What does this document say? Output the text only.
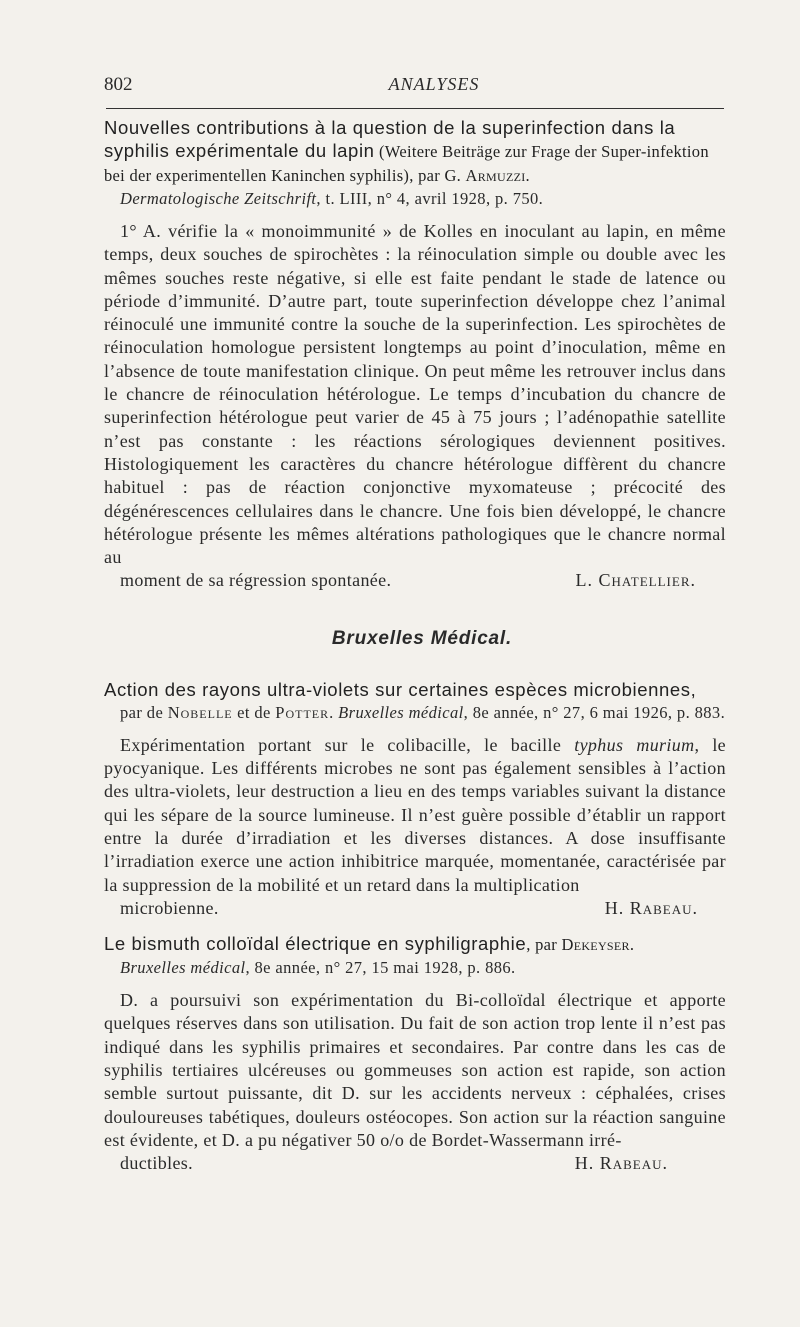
802	ANALYSES
Nouvelles contributions à la question de la superinfection dans la syphilis expérimentale du lapin (Weitere Beiträge zur Frage der Super-infektion bei der experimentellen Kaninchen syphilis), par G. Armuzzi.
Dermatologische Zeitschrift, t. LIII, n° 4, avril 1928, p. 750.

1° A. vérifie la « monoimmunité » de Kolles en inoculant au lapin, en même temps, deux souches de spirochètes : la réinoculation simple ou double avec les mêmes souches reste négative, si elle est faite pendant le stade de latence ou période d’immunité. D’autre part, toute superinfection développe chez l’animal réinoculé une immunité contre la souche de la superinfection. Les spirochètes de réinoculation homologue persistent longtemps au point d’inoculation, même en l’absence de toute manifestation clinique. On peut même les retrouver inclus dans le chancre de réinoculation hétérologue. Le temps d’incubation du chancre de superinfection hétérologue peut varier de 45 à 75 jours ; l’adénopathie satellite n’est pas constante : les réactions sérologiques deviennent positives. Histologiquement les caractères du chancre hétérologue diffèrent du chancre habituel : pas de réaction conjonctive myxomateuse ; précocité des dégénérescences cellulaires dans le chancre. Une fois bien développé, le chancre hétérologue présente les mêmes altérations pathologiques que le chancre normal au

moment de sa régression spontanée.	L. Chatellier.
Bruxelles Médical.
Action des rayons ultra-violets sur certaines espèces microbiennes,
par de Nobelle et de Potter. Bruxelles médical, 8e année, n° 27, 6 mai 1926, p. 883.

Expérimentation portant sur le colibacille, le bacille typhus murium, le pyocyanique. Les différents microbes ne sont pas également sensibles à l’action des ultra-violets, leur destruction a lieu en des temps variables suivant la distance qui les sépare de la source lumineuse. Il n’est guère possible d’établir un rapport entre la durée d’irradiation et les diverses distances. A dose insuffisante l’irradiation exerce une action inhibitrice marquée, momentanée, caractérisée par la suppression de la mobilité et un retard dans la multiplication

microbienne.	H. Rabeau.
Le bismuth colloïdal électrique en syphiligraphie, par Dekeyser.
Bruxelles médical, 8e année, n° 27, 15 mai 1928, p. 886.

D. a poursuivi son expérimentation du Bi-colloïdal électrique et apporte quelques réserves dans son utilisation. Du fait de son action trop lente il n’est pas indiqué dans les syphilis primaires et secondaires. Par contre dans les cas de syphilis tertiaires ulcéreuses ou gommeuses son action est rapide, son action semble surtout puissante, dit D. sur les accidents nerveux : céphalées, crises douloureuses tabétiques, douleurs ostéocopes. Son action sur la réaction sanguine est évidente, et D. a pu négativer 50 o/o de Bordet-Wassermann irré-

ductibles.	H. Rabeau.
